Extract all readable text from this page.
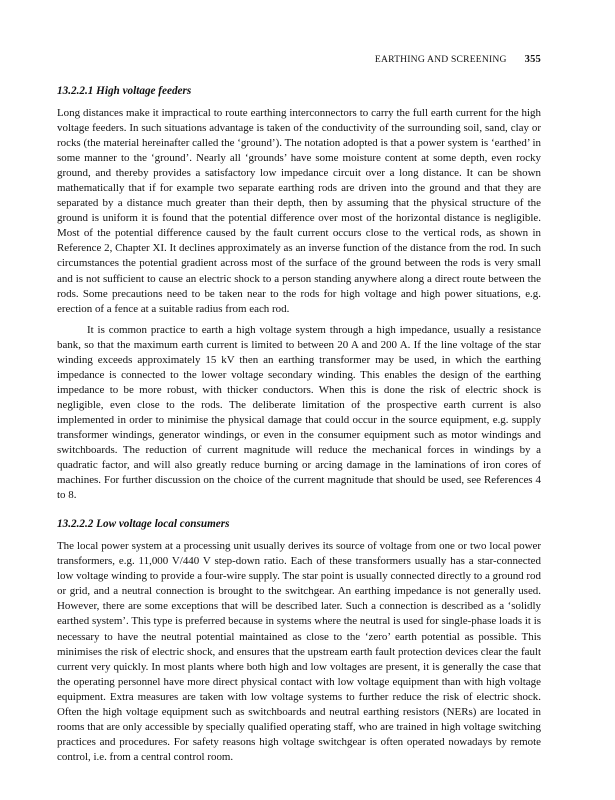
EARTHING AND SCREENING 355
13.2.2.1 High voltage feeders

Long distances make it impractical to route earthing interconnectors to carry the full earth current for the high voltage feeders. In such situations advantage is taken of the conductivity of the surrounding soil, sand, clay or rocks (the material hereinafter called the ‘ground’). The notation adopted is that a power system is ‘earthed’ in some manner to the ‘ground’. Nearly all ‘grounds’ have some moisture content at some depth, even rocky ground, and thereby provides a satisfactory low impedance circuit over a long distance. It can be shown mathematically that if for example two separate earthing rods are driven into the ground and that they are separated by a distance much greater than their depth, then by assuming that the physical structure of the ground is uniform it is found that the potential difference over most of the horizontal distance is negligible. Most of the potential difference caused by the fault current occurs close to the vertical rods, as shown in Reference 2, Chapter XI. It declines approximately as an inverse function of the distance from the rod. In such circumstances the potential gradient across most of the surface of the ground between the rods is very small and is not sufficient to cause an electric shock to a person standing anywhere along a direct route between the rods. Some precautions need to be taken near to the rods for high voltage and high power situations, e.g. erection of a fence at a suitable radius from each rod.

It is common practice to earth a high voltage system through a high impedance, usually a resistance bank, so that the maximum earth current is limited to between 20 A and 200 A. If the line voltage of the star winding exceeds approximately 15 kV then an earthing transformer may be used, in which the earthing impedance is connected to the lower voltage secondary winding. This enables the design of the earthing impedance to be more robust, with thicker conductors. When this is done the risk of electric shock is negligible, even close to the rods. The deliberate limitation of the prospective earth current is also implemented in order to minimise the physical damage that could occur in the source equipment, e.g. supply transformer windings, generator windings, or even in the consumer equipment such as motor windings and switchboards. The reduction of current magnitude will reduce the mechanical forces in windings by a quadratic factor, and will also greatly reduce burning or arcing damage in the laminations of iron cores of machines. For further discussion on the choice of the current magnitude that should be used, see References 4 to 8.

13.2.2.2 Low voltage local consumers

The local power system at a processing unit usually derives its source of voltage from one or two local power transformers, e.g. 11,000 V/440 V step-down ratio. Each of these transformers usually has a star-connected low voltage winding to provide a four-wire supply. The star point is usually connected directly to a ground rod or grid, and a neutral connection is brought to the switchgear. An earthing impedance is not generally used. However, there are some exceptions that will be described later. Such a connection is described as a ‘solidly earthed system’. This type is preferred because in systems where the neutral is used for single-phase loads it is necessary to have the neutral potential maintained as close to the ‘zero’ earth potential as possible. This minimises the risk of electric shock, and ensures that the upstream earth fault protection devices clear the fault current very quickly. In most plants where both high and low voltages are present, it is generally the case that the operating personnel have more direct physical contact with low voltage equipment than with high voltage equipment. Extra measures are taken with low voltage systems to further reduce the risk of electric shock. Often the high voltage equipment such as switchboards and neutral earthing resistors (NERs) are located in rooms that are only accessible by specially qualified operating staff, who are trained in high voltage switching practices and procedures. For safety reasons high voltage switchgear is often operated nowadays by remote control, i.e. from a central control room.
